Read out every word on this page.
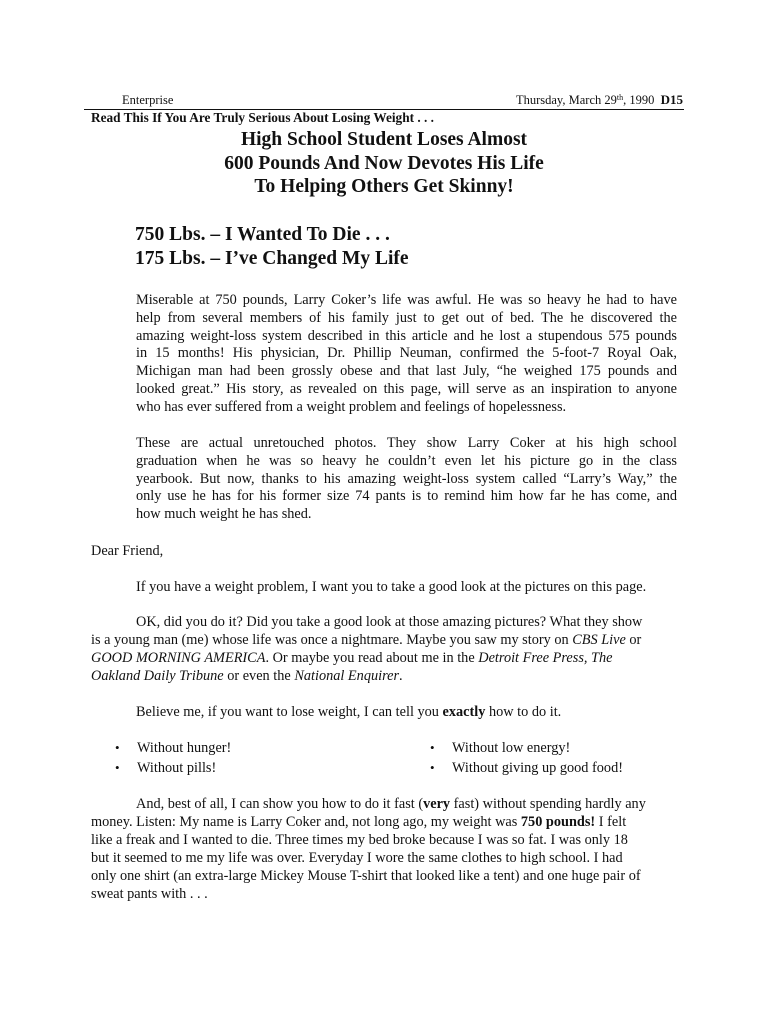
Enterprise	Thursday, March 29th, 1990 D15
Read This If You Are Truly Serious About Losing Weight . . .
High School Student Loses Almost
600 Pounds And Now Devotes His Life
To Helping Others Get Skinny!
750 Lbs. – I Wanted To Die . . .
175 Lbs. – I’ve Changed My Life
Miserable at 750 pounds, Larry Coker’s life was awful. He was so heavy he had to have
help from several members of his family just to get out of bed. The he discovered the
amazing weight-loss system described in this article and he lost a stupendous 575 pounds
in 15 months! His physician, Dr. Phillip Neuman, confirmed the 5-foot-7 Royal Oak,
Michigan man had been grossly obese and that last July, “he weighed 175 pounds and
looked great.” His story, as revealed on this page, will serve as an inspiration to anyone
who has ever suffered from a weight problem and feelings of hopelessness.
These are actual unretouched photos. They show Larry Coker at his high school
graduation when he was so heavy he couldn’t even let his picture go in the class
yearbook. But now, thanks to his amazing weight-loss system called “Larry’s Way,” the
only use he has for his former size 74 pants is to remind him how far he has come, and
how much weight he has shed.
Dear Friend,
If you have a weight problem, I want you to take a good look at the pictures on this page.
OK, did you do it? Did you take a good look at those amazing pictures? What they show
is a young man (me) whose life was once a nightmare. Maybe you saw my story on CBS Live or
GOOD MORNING AMERICA. Or maybe you read about me in the Detroit Free Press, The
Oakland Daily Tribune or even the National Enquirer.
Believe me, if you want to lose weight, I can tell you exactly how to do it.
• Without hunger!
• Without pills!
• Without low energy!
• Without giving up good food!
And, best of all, I can show you how to do it fast (very fast) without spending hardly any
money. Listen: My name is Larry Coker and, not long ago, my weight was 750 pounds! I felt
like a freak and I wanted to die. Three times my bed broke because I was so fat. I was only 18
but it seemed to me my life was over. Everyday I wore the same clothes to high school. I had
only one shirt (an extra-large Mickey Mouse T-shirt that looked like a tent) and one huge pair of
sweat pants with . . .
